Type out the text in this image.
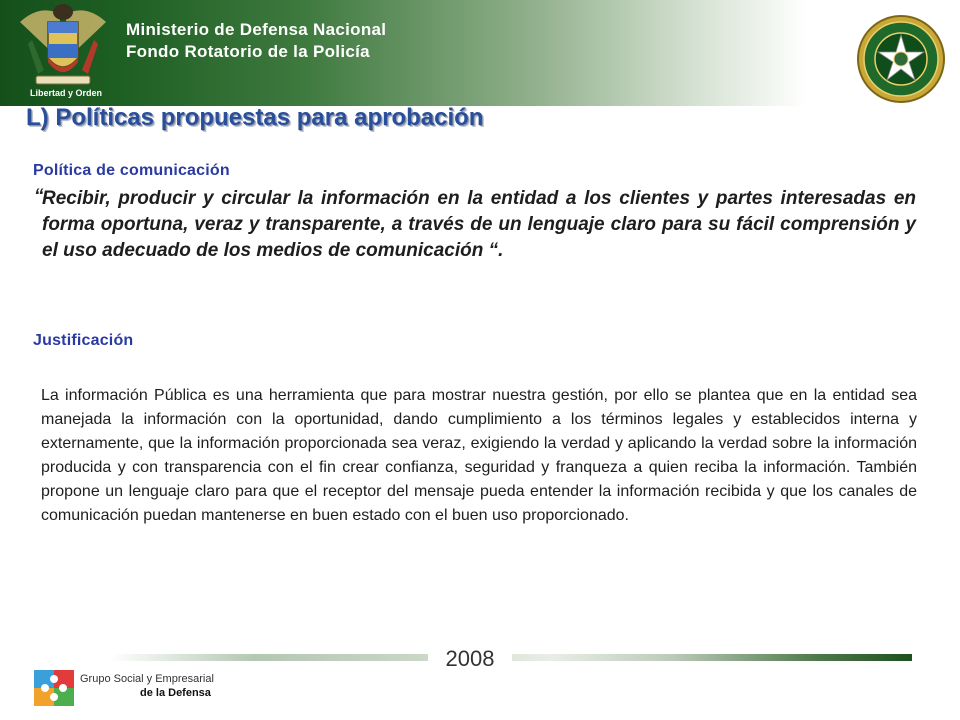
Libertad y Orden
Ministerio de Defensa Nacional
Fondo Rotatorio de la Policía
L) Políticas propuestas para aprobación
Política de comunicación
“

Recibir, producir y circular la información en la entidad a los clientes y partes interesadas en forma oportuna, veraz y transparente, a través de un lenguaje claro para su fácil comprensión y el uso adecuado de los medios de comunicación “.

Justificación

La información Pública es una herramienta que para mostrar nuestra gestión, por ello se plantea que en la entidad sea manejada la información con la oportunidad, dando cumplimiento a los términos legales y establecidos interna y externamente, que la información proporcionada sea veraz, exigiendo la verdad y aplicando la verdad sobre la información producida y con transparencia con el fin crear confianza, seguridad y franqueza a quien reciba la información. También propone un lenguaje claro para que el receptor del mensaje pueda entender la información recibida y que los canales de comunicación puedan mantenerse en buen estado con el buen uso proporcionado.

2008
Grupo Social y Empresarial
de la Defensa
